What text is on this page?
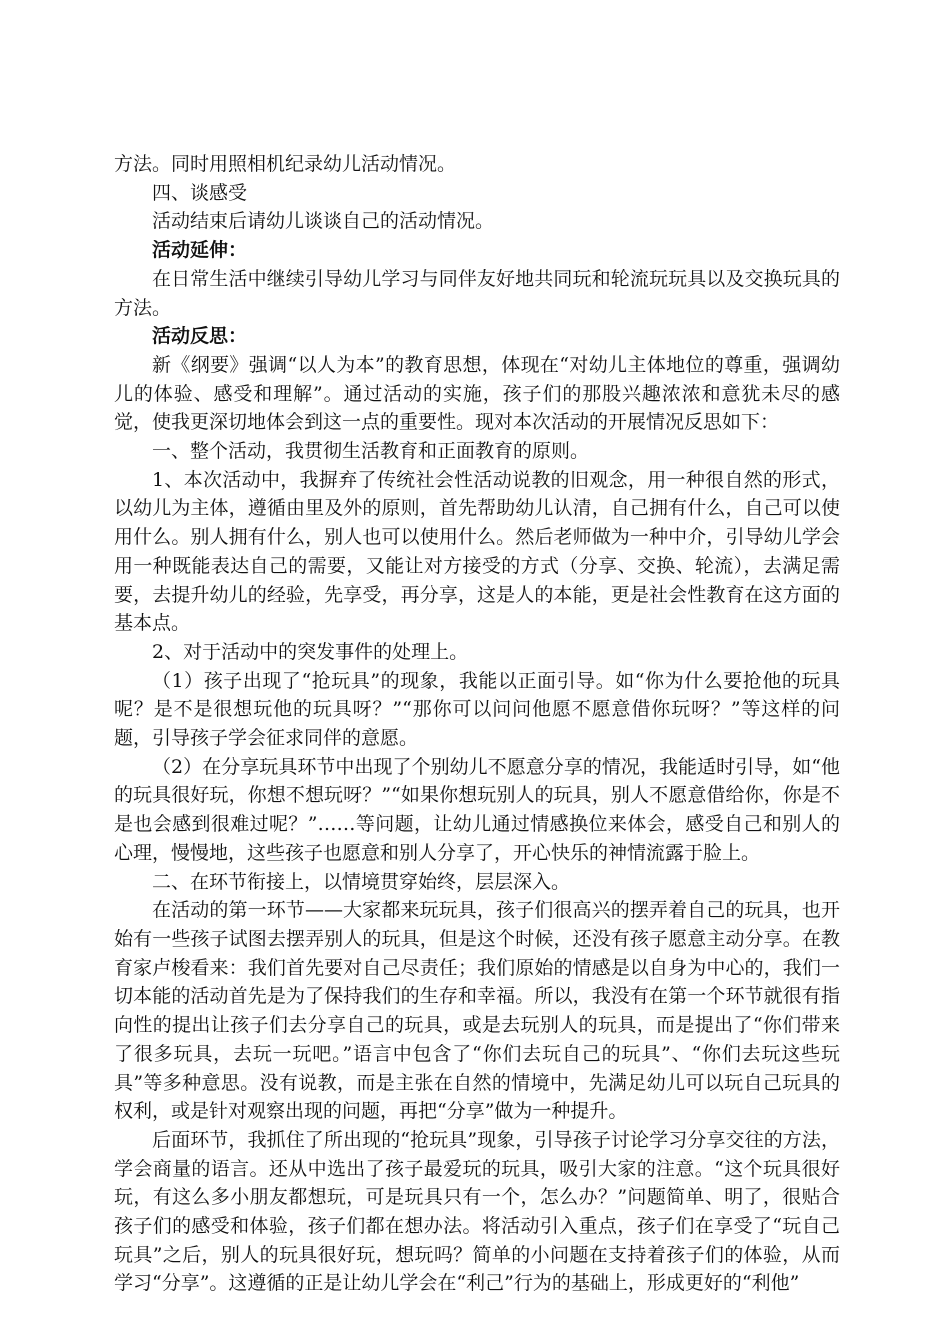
方法。同时用照相机纪录幼儿活动情况。

四、谈感受

活动结束后请幼儿谈谈自己的活动情况。

活动延伸：

在日常生活中继续引导幼儿学习与同伴友好地共同玩和轮流玩玩具以及交换玩具的方法。

活动反思：

新《纲要》强调“以人为本”的教育思想，体现在“对幼儿主体地位的尊重，强调幼儿的体验、感受和理解”。通过活动的实施，孩子们的那股兴趣浓浓和意犹未尽的感觉，使我更深切地体会到这一点的重要性。现对本次活动的开展情况反思如下：

一、整个活动，我贯彻生活教育和正面教育的原则。

1、本次活动中，我摒弃了传统社会性活动说教的旧观念，用一种很自然的形式，以幼儿为主体，遵循由里及外的原则，首先帮助幼儿认清，自己拥有什么，自己可以使用什么。别人拥有什么，别人也可以使用什么。然后老师做为一种中介，引导幼儿学会用一种既能表达自己的需要，又能让对方接受的方式（分享、交换、轮流），去满足需要，去提升幼儿的经验，先享受，再分享，这是人的本能，更是社会性教育在这方面的基本点。

2、对于活动中的突发事件的处理上。

（1）孩子出现了“抢玩具”的现象，我能以正面引导。如“你为什么要抢他的玩具呢？是不是很想玩他的玩具呀？”“那你可以问问他愿不愿意借你玩呀？”等这样的问题，引导孩子学会征求同伴的意愿。

（2）在分享玩具环节中出现了个别幼儿不愿意分享的情况，我能适时引导，如“他的玩具很好玩，你想不想玩呀？”“如果你想玩别人的玩具，别人不愿意借给你，你是不是也会感到很难过呢？”……等问题，让幼儿通过情感换位来体会，感受自己和别人的心理，慢慢地，这些孩子也愿意和别人分享了，开心快乐的神情流露于脸上。

二、在环节衔接上，以情境贯穿始终，层层深入。

在活动的第一环节——大家都来玩玩具，孩子们很高兴的摆弄着自己的玩具，也开始有一些孩子试图去摆弄别人的玩具，但是这个时候，还没有孩子愿意主动分享。在教育家卢梭看来：我们首先要对自己尽责任；我们原始的情感是以自身为中心的，我们一切本能的活动首先是为了保持我们的生存和幸福。所以，我没有在第一个环节就很有指向性的提出让孩子们去分享自己的玩具，或是去玩别人的玩具，而是提出了“你们带来了很多玩具，去玩一玩吧。”语言中包含了“你们去玩自己的玩具”、“你们去玩这些玩具”等多种意思。没有说教，而是主张在自然的情境中，先满足幼儿可以玩自己玩具的权利，或是针对观察出现的问题，再把“分享”做为一种提升。

后面环节，我抓住了所出现的“抢玩具”现象，引导孩子讨论学习分享交往的方法，学会商量的语言。还从中选出了孩子最爱玩的玩具，吸引大家的注意。“这个玩具很好玩，有这么多小朋友都想玩，可是玩具只有一个，怎么办？”问题简单、明了，很贴合孩子们的感受和体验，孩子们都在想办法。将活动引入重点，孩子们在享受了“玩自己玩具”之后，别人的玩具很好玩，想玩吗？简单的小问题在支持着孩子们的体验，从而学习“分享”。这遵循的正是让幼儿学会在“利己”行为的基础上，形成更好的“利他”
